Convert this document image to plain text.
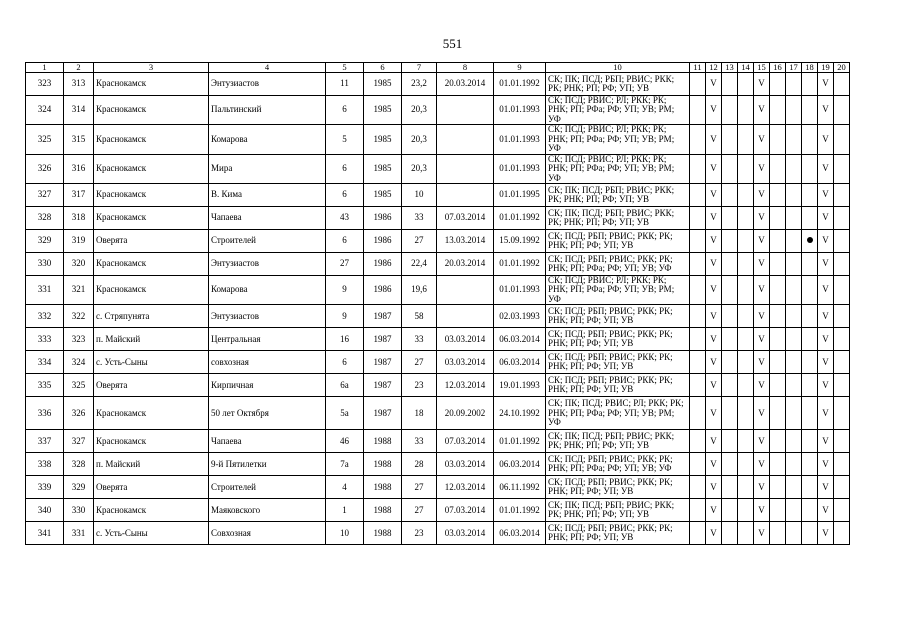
551
1	2	3	4	5	6	7	8	9	10	11	12	13	14	15	16	17	18	19	20
323	313	Краснокамск	Энтузиастов	11	1985	23,2	20.03.2014	01.01.1992	СК; ПК; ПСД; РБП; РВИС; РКК; РК; РНК; РП; РФ; УП; УВ		V			V				V	
324	314	Краснокамск	Пальтинский	6	1985	20,3		01.01.1993	СК; ПСД; РВИС; РЛ; РКК; РК; РНК; РП; РФа; РФ; УП; УВ; РМ; УФ		V			V				V	
325	315	Краснокамск	Комарова	5	1985	20,3		01.01.1993	СК; ПСД; РВИС; РЛ; РКК; РК; РНК; РП; РФа; РФ; УП; УВ; РМ; УФ		V			V				V	
326	316	Краснокамск	Мира	6	1985	20,3		01.01.1993	СК; ПСД; РВИС; РЛ; РКК; РК; РНК; РП; РФа; РФ; УП; УВ; РМ; УФ		V			V				V	
327	317	Краснокамск	В. Кима	6	1985	10		01.01.1995	СК; ПК; ПСД; РБП; РВИС; РКК; РК; РНК; РП; РФ; УП; УВ		V			V				V	
328	318	Краснокамск	Чапаева	43	1986	33	07.03.2014	01.01.1992	СК; ПК; ПСД; РБП; РВИС; РКК; РК; РНК; РП; РФ; УП; УВ		V			V				V	
329	319	Оверята	Строителей	6	1986	27	13.03.2014	15.09.1992	СК; ПСД; РБП; РВИС; РКК; РК; РНК; РП; РФ; УП; УВ		V			V				V	
330	320	Краснокамск	Энтузиастов	27	1986	22,4	20.03.2014	01.01.1992	СК; ПСД; РБП; РВИС; РКК; РК; РНК; РП; РФа; РФ; УП; УВ; УФ		V			V				V	
331	321	Краснокамск	Комарова	9	1986	19,6		01.01.1993	СК; ПСД; РВИС; РЛ; РКК; РК; РНК; РП; РФа; РФ; УП; УВ; РМ; УФ		V			V				V	
332	322	с. Стряпунята	Энтузиастов	9	1987	58		02.03.1993	СК; ПСД; РБП; РВИС; РКК; РК; РНК; РП; РФ; УП; УВ		V			V				V	
333	323	п. Майский	Центральная	16	1987	33	03.03.2014	06.03.2014	СК; ПСД; РБП; РВИС; РКК; РК; РНК; РП; РФ; УП; УВ		V			V				V	
334	324	с. Усть-Сыны	совхозная	6	1987	27	03.03.2014	06.03.2014	СК; ПСД; РБП; РВИС; РКК; РК; РНК; РП; РФ; УП; УВ		V			V				V	
335	325	Оверята	Кирпичная	6а	1987	23	12.03.2014	19.01.1993	СК; ПСД; РБП; РВИС; РКК; РК; РНК; РП; РФ; УП; УВ		V			V				V	
336	326	Краснокамск	50 лет Октября	5а	1987	18	20.09.2002	24.10.1992	СК; ПК; ПСД; РВИС; РЛ; РКК; РК; РНК; РП; РФа; РФ; УП; УВ; РМ; УФ		V			V				V	
337	327	Краснокамск	Чапаева	46	1988	33	07.03.2014	01.01.1992	СК; ПК; ПСД; РБП; РВИС; РКК; РК; РНК; РП; РФ; УП; УВ		V			V				V	
338	328	п. Майский	9-й Пятилетки	7а	1988	28	03.03.2014	06.03.2014	СК; ПСД; РБП; РВИС; РКК; РК; РНК; РП; РФа; РФ; УП; УВ; УФ		V			V				V	
339	329	Оверята	Строителей	4	1988	27	12.03.2014	06.11.1992	СК; ПСД; РБП; РВИС; РКК; РК; РНК; РП; РФ; УП; УВ		V			V				V	
340	330	Краснокамск	Маяковского	1	1988	27	07.03.2014	01.01.1992	СК; ПК; ПСД; РБП; РВИС; РКК; РК; РНК; РП; РФ; УП; УВ		V			V				V	
341	331	с. Усть-Сыны	Совхозная	10	1988	23	03.03.2014	06.03.2014	СК; ПСД; РБП; РВИС; РКК; РК; РНК; РП; РФ; УП; УВ		V			V				V	
